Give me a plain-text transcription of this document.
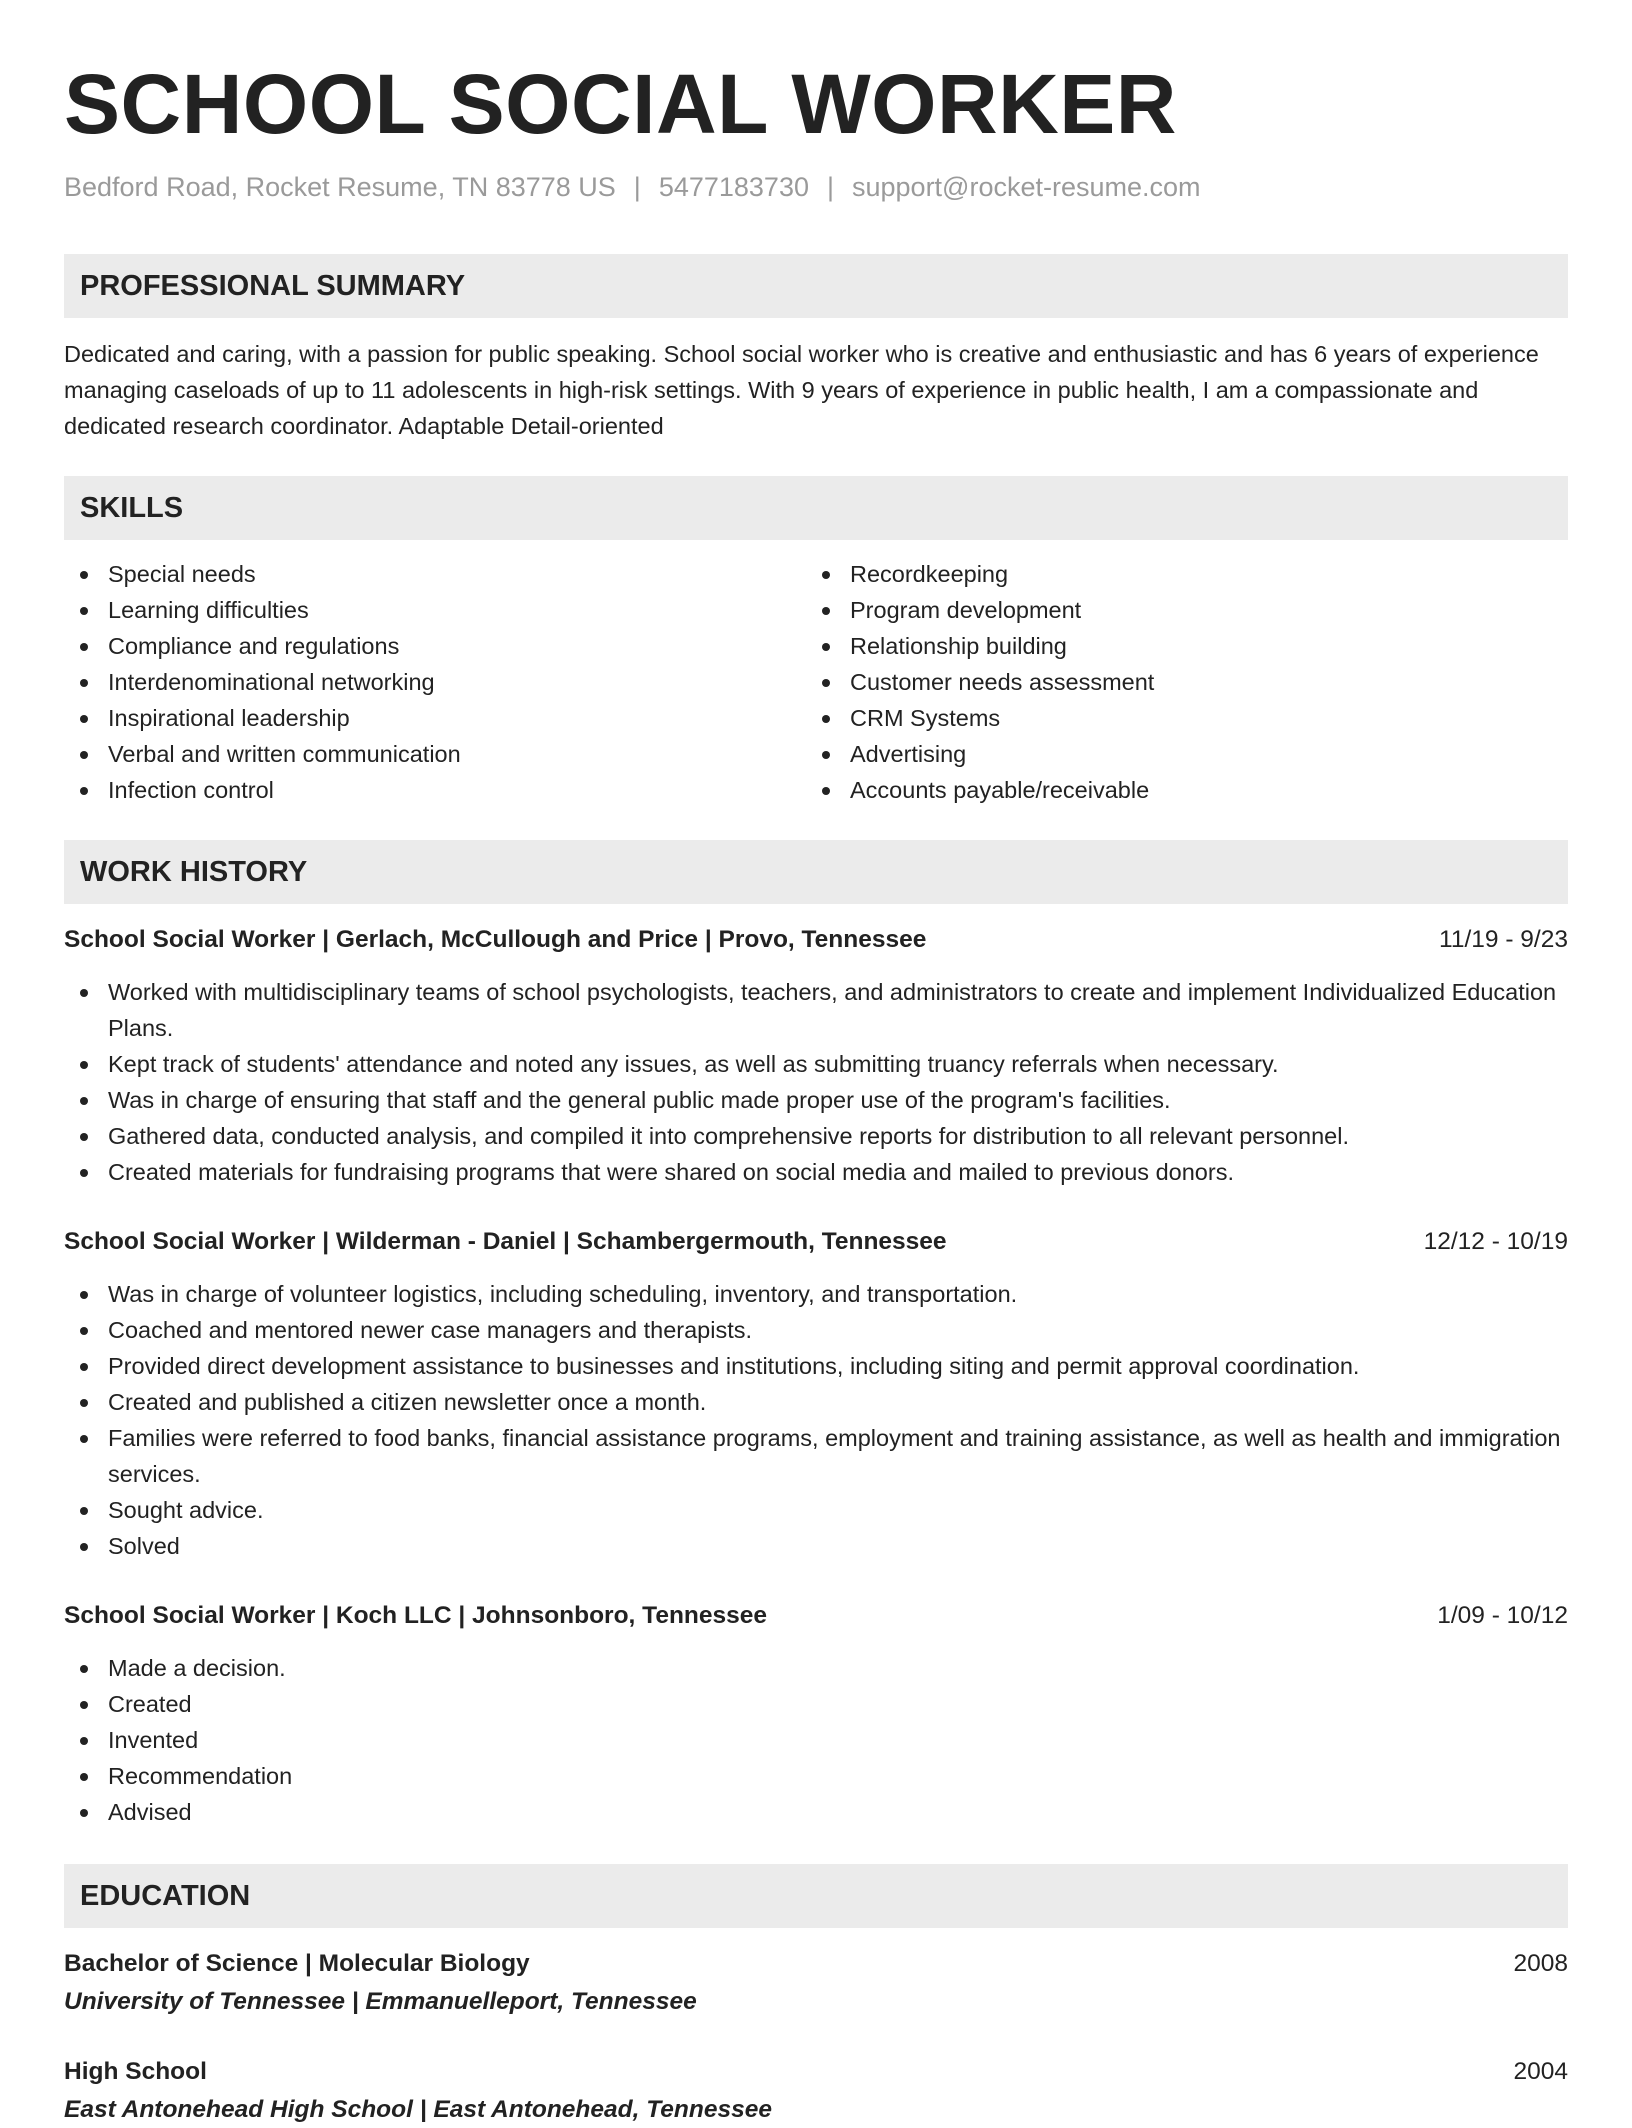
SCHOOL SOCIAL WORKER
Bedford Road, Rocket Resume, TN 83778 US | 5477183730 | support@rocket-resume.com
PROFESSIONAL SUMMARY

Dedicated and caring, with a passion for public speaking. School social worker who is creative and enthusiastic and has 6 years of experience managing caseloads of up to 11 adolescents in high-risk settings. With 9 years of experience in public health, I am a compassionate and dedicated research coordinator. Adaptable Detail-oriented

SKILLS
Special needs
Learning difficulties
Compliance and regulations
Interdenominational networking
Inspirational leadership
Verbal and written communication
Infection control
Recordkeeping
Program development
Relationship building
Customer needs assessment
CRM Systems
Advertising
Accounts payable/receivable
WORK HISTORY
School Social Worker | Gerlach, McCullough and Price | Provo, Tennessee	11/19 - 9/23
Worked with multidisciplinary teams of school psychologists, teachers, and administrators to create and implement Individualized Education Plans.
Kept track of students' attendance and noted any issues, as well as submitting truancy referrals when necessary.
Was in charge of ensuring that staff and the general public made proper use of the program's facilities.
Gathered data, conducted analysis, and compiled it into comprehensive reports for distribution to all relevant personnel.
Created materials for fundraising programs that were shared on social media and mailed to previous donors.
School Social Worker | Wilderman - Daniel | Schambergermouth, Tennessee	12/12 - 10/19
Was in charge of volunteer logistics, including scheduling, inventory, and transportation.
Coached and mentored newer case managers and therapists.
Provided direct development assistance to businesses and institutions, including siting and permit approval coordination.
Created and published a citizen newsletter once a month.
Families were referred to food banks, financial assistance programs, employment and training assistance, as well as health and immigration services.
Sought advice.
Solved
School Social Worker | Koch LLC | Johnsonboro, Tennessee	1/09 - 10/12
Made a decision.
Created
Invented
Recommendation
Advised
EDUCATION
Bachelor of Science | Molecular Biology	2008
University of Tennessee | Emmanuelleport, Tennessee
High School	2004
East Antonehead High School | East Antonehead, Tennessee
